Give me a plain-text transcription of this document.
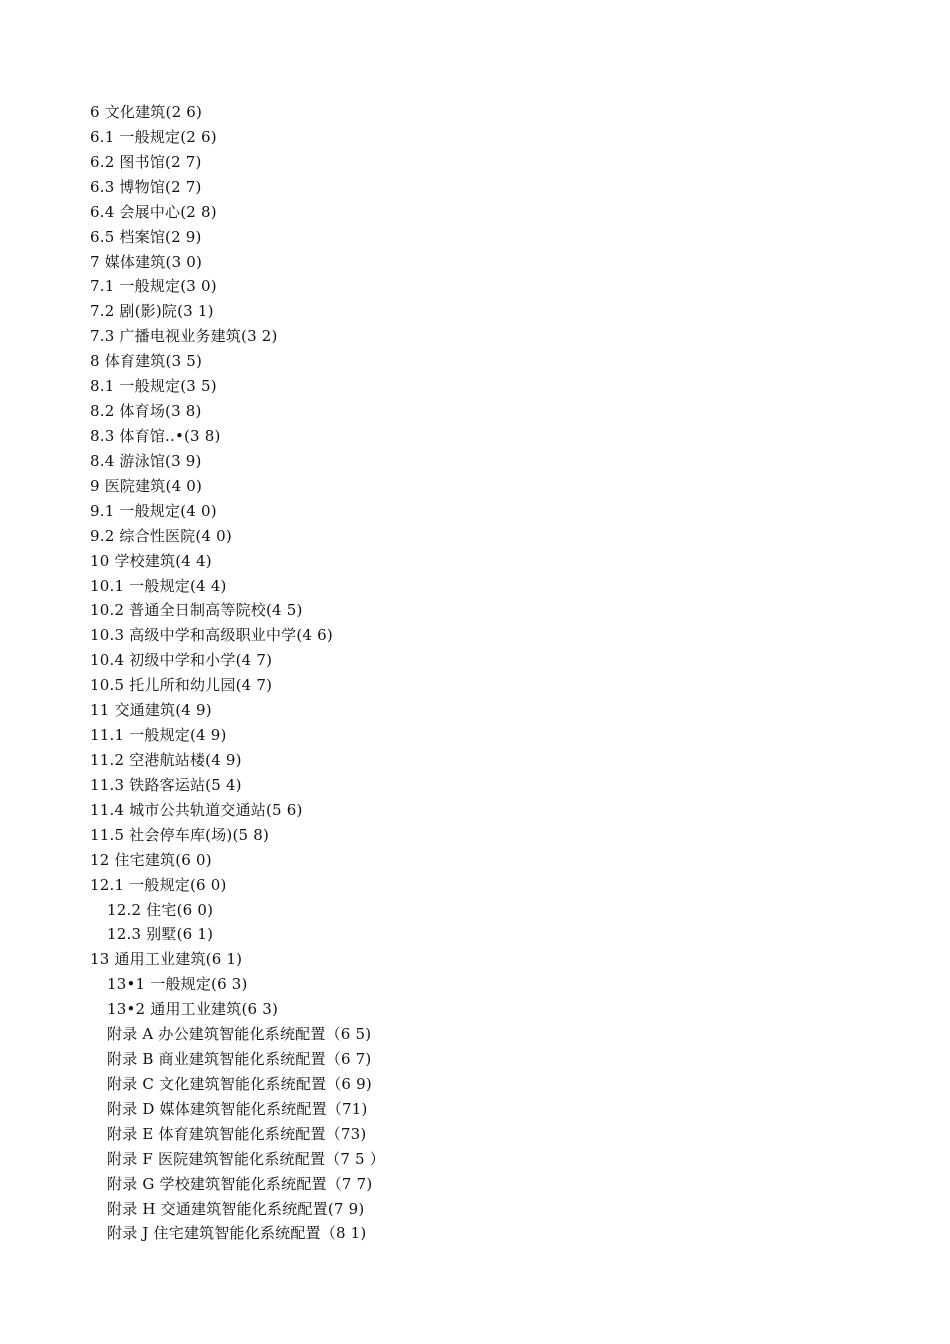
6 文化建筑(2 6)
6.1 一般规定(2 6)
6.2 图书馆(2 7)
6.3 博物馆(2 7)
6.4 会展中心(2 8)
6.5 档案馆(2 9)
7 媒体建筑(3 0)
7.1 一般规定(3 0)
7.2 剧(影)院(3 1)
7.3 广播电视业务建筑(3 2)
8 体育建筑(3 5)
8.1 一般规定(3 5)
8.2 体育场(3 8)
8.3 体育馆..•(3 8)
8.4 游泳馆(3 9)
9 医院建筑(4 0)
9.1 一般规定(4 0)
9.2 综合性医院(4 0)
10 学校建筑(4 4)
10.1 一般规定(4 4)
10.2 普通全日制高等院校(4 5)
10.3 高级中学和高级职业中学(4 6)
10.4 初级中学和小学(4 7)
10.5 托儿所和幼儿园(4 7)
11 交通建筑(4 9)
11.1 一般规定(4 9)
11.2 空港航站楼(4 9)
11.3 铁路客运站(5 4)
11.4 城市公共轨道交通站(5 6)
11.5 社会停车库(场)(5 8)
12 住宅建筑(6 0)
12.1 一般规定(6 0)
12.2 住宅(6 0)
12.3 别墅(6 1)
13 通用工业建筑(6 1)
13•1 一般规定(6 3)
13•2 通用工业建筑(6 3)
附录 A 办公建筑智能化系统配置（6 5)
附录 B 商业建筑智能化系统配置（6 7)
附录 C 文化建筑智能化系统配置（6 9)
附录 D 媒体建筑智能化系统配置（71)
附录 E 体育建筑智能化系统配置（73)
附录 F 医院建筑智能化系统配置（7 5 ）
附录 G 学校建筑智能化系统配置（7 7)
附录 H 交通建筑智能化系统配置(7 9)
附录 J 住宅建筑智能化系统配置（8 1)
